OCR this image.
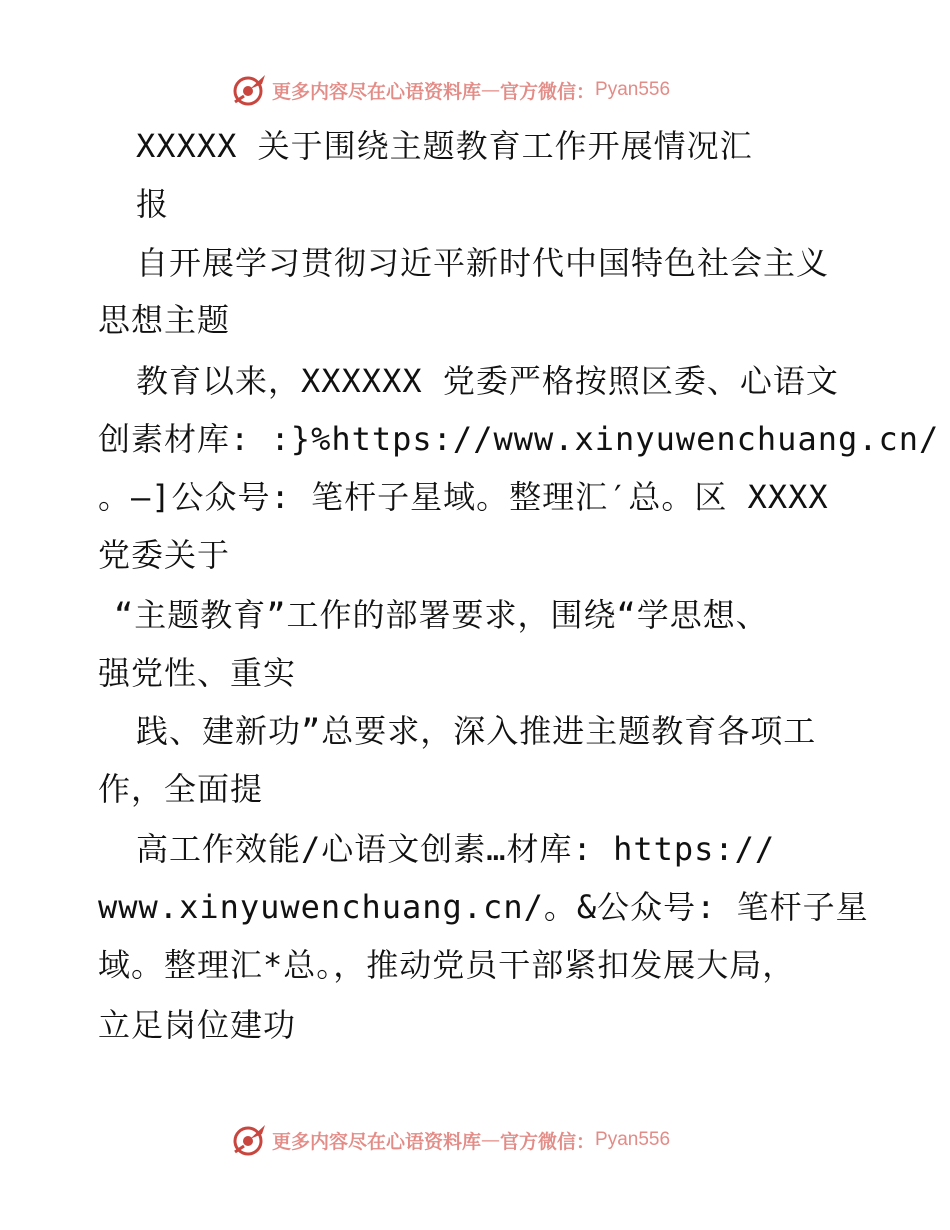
更多内容尽在心语资料库 — 官方微信： Pyan556
XXXXX 关于围绕主题教育工作开展情况汇
报
自开展学习贯彻习近平新时代中国特色社会主义
思想主题
教育以来，XXXXXX 党委严格按照区委、心语文
创素材库: :}%https://www.xinyuwenchuang.cn/
。—]公众号: 笔杆子星域。整理汇′总。区 XXXX
党委关于
“主题教育”工作的部署要求，围绕“学思想、
强党性、重实
践、建新功”总要求，深入推进主题教育各项工
作，全面提
高工作效能/心语文创素…材库: https://
www.xinyuwenchuang.cn/。&公众号: 笔杆子星
域。整理汇*总。，推动党员干部紧扣发展大局，
立足岗位建功
更多内容尽在心语资料库 — 官方微信： Pyan556
